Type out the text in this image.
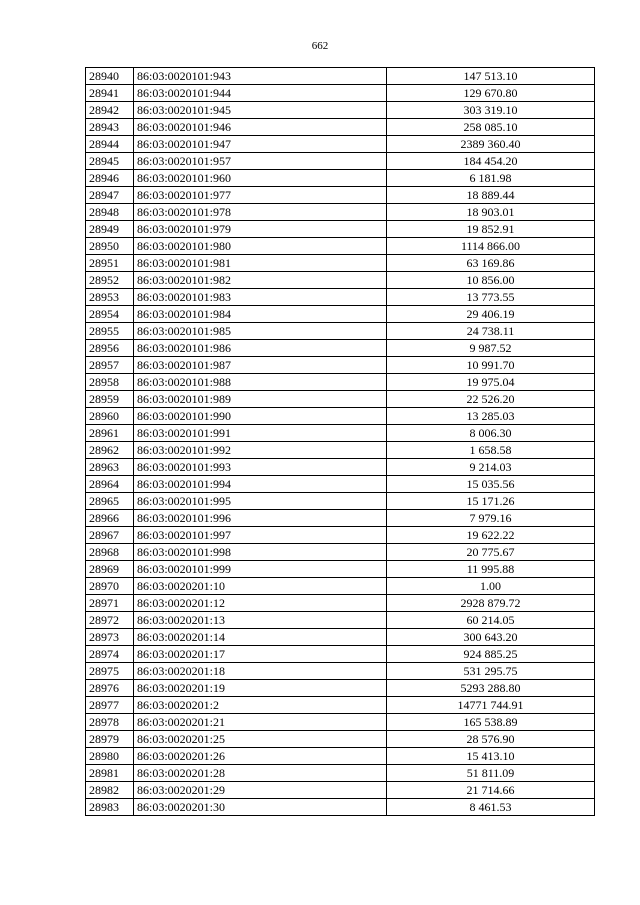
662
28940	86:03:0020101:943	147 513.10
28941	86:03:0020101:944	129 670.80
28942	86:03:0020101:945	303 319.10
28943	86:03:0020101:946	258 085.10
28944	86:03:0020101:947	2389 360.40
28945	86:03:0020101:957	184 454.20
28946	86:03:0020101:960	6 181.98
28947	86:03:0020101:977	18 889.44
28948	86:03:0020101:978	18 903.01
28949	86:03:0020101:979	19 852.91
28950	86:03:0020101:980	1114 866.00
28951	86:03:0020101:981	63 169.86
28952	86:03:0020101:982	10 856.00
28953	86:03:0020101:983	13 773.55
28954	86:03:0020101:984	29 406.19
28955	86:03:0020101:985	24 738.11
28956	86:03:0020101:986	9 987.52
28957	86:03:0020101:987	10 991.70
28958	86:03:0020101:988	19 975.04
28959	86:03:0020101:989	22 526.20
28960	86:03:0020101:990	13 285.03
28961	86:03:0020101:991	8 006.30
28962	86:03:0020101:992	1 658.58
28963	86:03:0020101:993	9 214.03
28964	86:03:0020101:994	15 035.56
28965	86:03:0020101:995	15 171.26
28966	86:03:0020101:996	7 979.16
28967	86:03:0020101:997	19 622.22
28968	86:03:0020101:998	20 775.67
28969	86:03:0020101:999	11 995.88
28970	86:03:0020201:10	1.00
28971	86:03:0020201:12	2928 879.72
28972	86:03:0020201:13	60 214.05
28973	86:03:0020201:14	300 643.20
28974	86:03:0020201:17	924 885.25
28975	86:03:0020201:18	531 295.75
28976	86:03:0020201:19	5293 288.80
28977	86:03:0020201:2	14771 744.91
28978	86:03:0020201:21	165 538.89
28979	86:03:0020201:25	28 576.90
28980	86:03:0020201:26	15 413.10
28981	86:03:0020201:28	51 811.09
28982	86:03:0020201:29	21 714.66
28983	86:03:0020201:30	8 461.53
